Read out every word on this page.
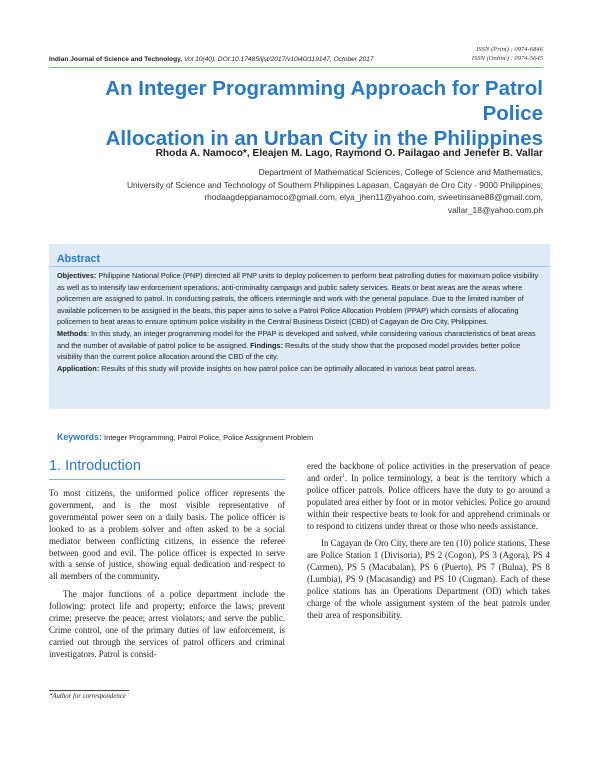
ISSN (Print) : 0974-6846
ISSN (Online) : 0974-5645
Indian Journal of Science and Technology, Vol 10(40), DOI:10.17485/ijst/2017/v10i40/119147, October 2017
An Integer Programming Approach for Patrol Police
Allocation in an Urban City in the Philippines
Rhoda A. Namoco*, Eleajen M. Lago, Raymond O. Pailagao and Jenefer B. Vallar
Department of Mathematical Sciences, College of Science and Mathematics,
University of Science and Technology of Southern Philippines Lapasan, Cagayan de Oro City - 9000 Philippines;
rhodaagdeppanamoco@gmail.com, elya_jhen11@yahoo.com, sweetinsane88@gmail.com,
vallar_18@yahoo.com.ph
Abstract

Objectives: Philippine National Police (PNP) directed all PNP units to deploy policemen to perform beat patrolling duties for maximum police visibility as well as to intensify law enforcement operations, anti-criminality campaign and public safety services. Beats or beat areas are the areas where policemen are assigned to patrol. In conducting patrols, the officers intermingle and work with the general populace. Due to the limited number of available policemen to be assigned in the beats, this paper aims to solve a Patrol Police Allocation Problem (PPAP) which consists of allocating policemen to beat areas to ensure optimum police visibility in the Central Business District (CBD) of Cagayan de Oro City, Philippines.

Methods: In this study, an integer programming model for the PPAP is developed and solved, while considering various characteristics of beat areas and the number of available of patrol police to be assigned. Findings: Results of the study show that the proposed model provides better police visibility than the current police allocation around the CBD of the city.

Application: Results of this study will provide insights on how patrol police can be optimally allocated in various beat patrol areas.

Keywords: Integer Programming, Patrol Police, Police Assignment Problem
1. Introduction

To most citizens, the uniformed police officer represents the government, and is the most visible representative of governmental power seen on a daily basis. The police officer is looked to as a problem solver and often asked to be a social mediator between conflicting citizens, in essence the referee between good and evil. The police officer is expected to serve with a sense of justice, showing equal dedication and respect to all members of the community.

The major functions of a police department include the following: protect life and property; enforce the laws; prevent crime; preserve the peace; arrest violators; and serve the public. Crime control, one of the primary duties of law enforcement, is carried out through the services of patrol officers and criminal investigators. Patrol is consid-

ered the backbone of police activities in the preservation of peace and order$^1$. In police terminology, a beat is the territory which a police officer patrols. Police officers have the duty to go around a populated area either by foot or in motor vehicles. Police go around within their respective beats to look for and apprehend criminals or to respond to citizens under threat or those who needs assistance.

In Cagayan de Oro City, there are ten (10) police stations. These are Police Station 1 (Divisoria), PS 2 (Cogon), PS 3 (Agora), PS 4 (Carmen), PS 5 (Macabalan), PS 6 (Puerto), PS 7 (Bulua), PS 8 (Lumbia), PS 9 (Macasandig) and PS 10 (Cugman). Each of these police stations has an Operations Department (OD) which takes charge of the whole assignment system of the beat patrols under their area of responsibility.

*Author for correspondence
